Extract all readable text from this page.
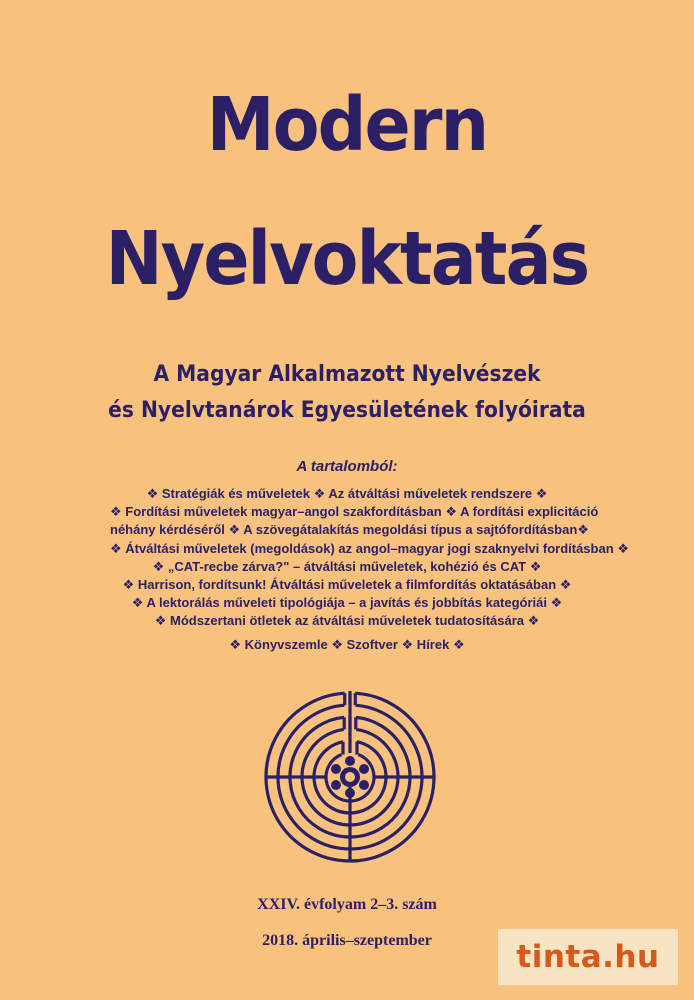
Modern
Nyelvoktatás
A Magyar Alkalmazott Nyelvészek
és Nyelvtanárok Egyesületének folyóirata

A tartalomból:

❖ Stratégiák és műveletek ❖ Az átváltási műveletek rendszere ❖
❖ Fordítási műveletek magyar–angol szakfordításban ❖ A fordítási explicitáció
néhány kérdéséről ❖ A szövegátalakítás megoldási típus a sajtófordításban❖
❖ Átváltási műveletek (megoldások) az angol–magyar jogi szaknyelvi fordításban ❖
❖ „CAT-recbe zárva?" – átváltási műveletek, kohézió és CAT ❖
❖ Harrison, fordítsunk! Átváltási műveletek a filmfordítás oktatásában ❖
❖ A lektorálás műveleti tipológiája – a javítás és jobbítás kategóriái ❖
❖ Módszertani ötletek az átváltási műveletek tudatosítására ❖

❖ Könyvszemle ❖ Szoftver ❖ Hírek ❖

XXIV. évfolyam 2–3. szám

2018. április–szeptember	tinta.hu
